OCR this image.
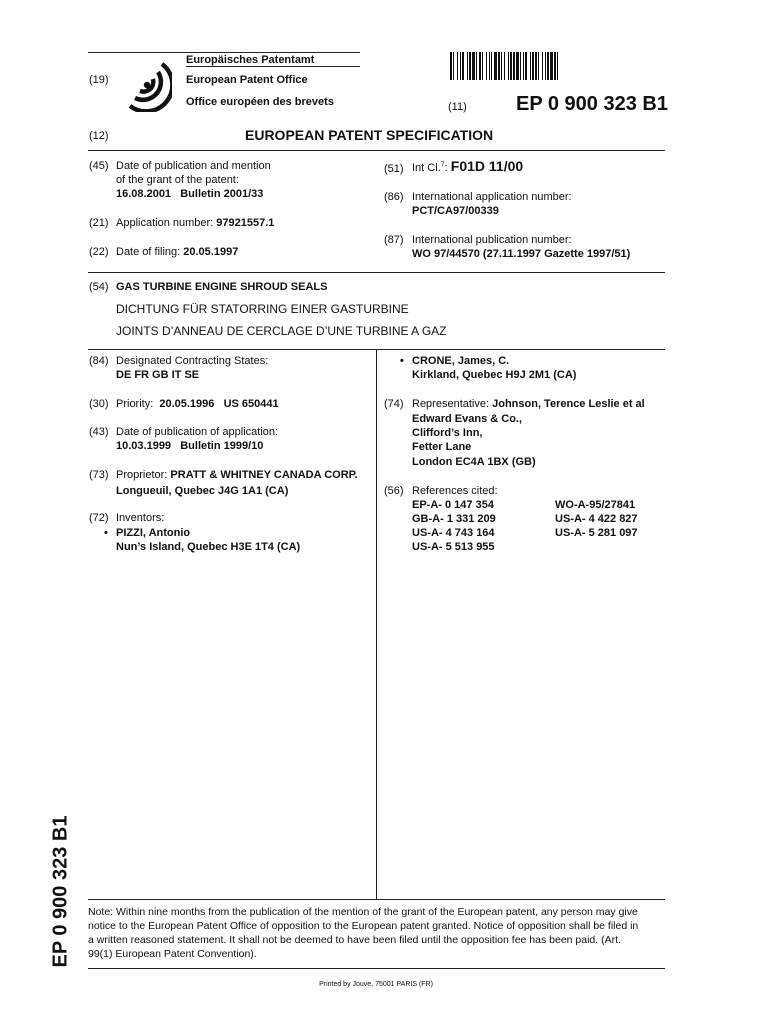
(19)
Europäisches Patentamt
European Patent Office
Office européen des brevets	(11) EP 0 900 323 B1
(12)	EUROPEAN PATENT SPECIFICATION
(45) Date of publication and mention
of the grant of the patent:
16.08.2001   Bulletin 2001/33
(21) Application number: 97921557.1
(22) Date of filing: 20.05.1997
(51) Int Cl.$^7$: F01D 11/00
(86) International application number:
PCT/CA97/00339
(87) International publication number:
WO 97/44570 (27.11.1997 Gazette 1997/51)
(54) GAS TURBINE ENGINE SHROUD SEALS
DICHTUNG FÜR STATORRING EINER GASTURBINE
JOINTS D’ANNEAU DE CERCLAGE D’UNE TURBINE A GAZ
(84) Designated Contracting States:
DE FR GB IT SE
(30) Priority: 20.05.1996   US 650441
(43) Date of publication of application:
10.03.1999   Bulletin 1999/10
(73) Proprietor: PRATT & WHITNEY CANADA CORP.
Longueuil, Quebec J4G 1A1 (CA)
(72) Inventors:
• PIZZI, Antonio
Nun’s Island, Quebec H3E 1T4 (CA)
• CRONE, James, C.
Kirkland, Quebec H9J 2M1 (CA)
(74) Representative: Johnson, Terence Leslie et al
Edward Evans & Co.,
Clifford’s Inn,
Fetter Lane
London EC4A 1BX (GB)
(56) References cited:
EP-A- 0 147 354
GB-A- 1 331 209
US-A- 4 743 164
US-A- 5 513 955
WO-A-95/27841
US-A- 4 422 827
US-A- 5 281 097
Note: Within nine months from the publication of the mention of the grant of the European patent, any person may give
notice to the European Patent Office of opposition to the European patent granted. Notice of opposition shall be filed in
a written reasoned statement. It shall not be deemed to have been filed until the opposition fee has been paid. (Art.
99(1) European Patent Convention).
EP 0 900 323 B1
Printed by Jouve, 75001 PARIS (FR)
